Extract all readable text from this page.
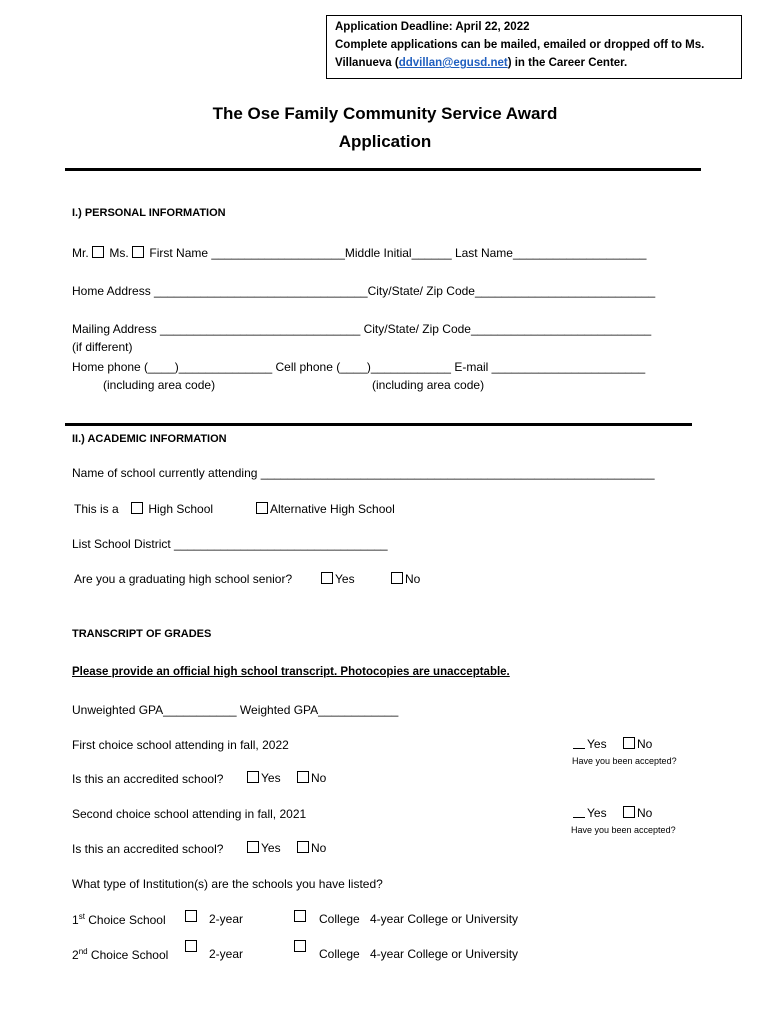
Application Deadline: April 22, 2022
Complete applications can be mailed, emailed or dropped off to Ms.
Villanueva (ddvillan@egusd.net) in the Career Center.
The Ose Family Community Service Award
Application
I.) PERSONAL INFORMATION
Mr. Ms. First Name ____________________Middle Initial______ Last Name____________________
Home Address ________________________________City/State/ Zip Code___________________________
Mailing Address ______________________________ City/State/ Zip Code___________________________
(if different)
Home phone (____)______________ Cell phone (____)____________ E-mail _______________________
(including area code)	(including area code)
II.) ACADEMIC INFORMATION
Name of school currently attending ___________________________________________________________
This is a	High School	Alternative High School
List School District ________________________________
Are you a graduating high school senior?	Yes	No
TRANSCRIPT OF GRADES
Please provide an official high school transcript. Photocopies are unacceptable.
Unweighted GPA___________ Weighted GPA____________
First choice school attending in fall, 2022	Yes	No
Have you been accepted?
Is this an accredited school?	Yes	No
Second choice school attending in fall, 2021	Yes	No
Have you been accepted?
Is this an accredited school?	Yes	No
What type of Institution(s) are the schools you have listed?
1st Choice School	2-year	College 4-year College or University
2nd Choice School	2-year	College 4-year College or University
